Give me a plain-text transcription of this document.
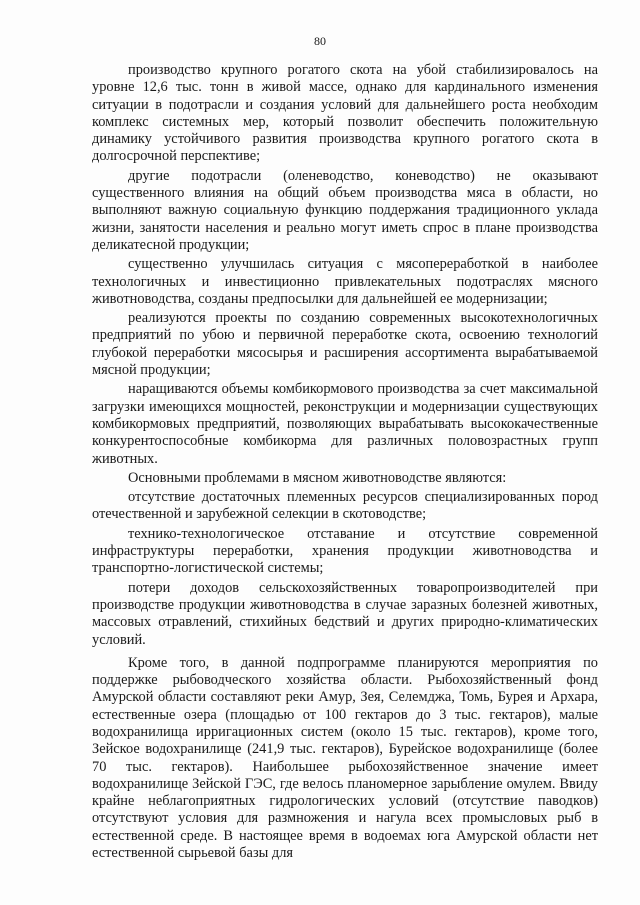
80

производство крупного рогатого скота на убой стабилизировалось на уровне 12,6 тыс. тонн в живой массе, однако для кардинального изменения ситуации в подотрасли и создания условий для дальнейшего роста необходим комплекс системных мер, который позволит обеспечить положительную динамику устойчивого развития производства крупного рогатого скота в долгосрочной перспективе;

другие подотрасли (оленеводство, коневодство) не оказывают существенного влияния на общий объем производства мяса в области, но выполняют важную социальную функцию поддержания традиционного уклада жизни, занятости населения и реально могут иметь спрос в плане производства деликатесной продукции;

существенно улучшилась ситуация с мясопереработкой в наиболее технологичных и инвестиционно привлекательных подотраслях мясного животноводства, созданы предпосылки для дальнейшей ее модернизации;

реализуются проекты по созданию современных высокотехнологичных предприятий по убою и первичной переработке скота, освоению технологий глубокой переработки мясосырья и расширения ассортимента вырабатываемой мясной продукции;

наращиваются объемы комбикормового производства за счет максимальной загрузки имеющихся мощностей, реконструкции и модернизации существующих комбикормовых предприятий, позволяющих вырабатывать высококачественные конкурентоспособные комбикорма для различных половозрастных групп животных.

Основными проблемами в мясном животноводстве являются:

отсутствие достаточных племенных ресурсов специализированных пород отечественной и зарубежной селекции в скотоводстве;

технико-технологическое отставание и отсутствие современной инфраструктуры переработки, хранения продукции животноводства и транспортно-логистической системы;

потери доходов сельскохозяйственных товаропроизводителей при производстве продукции животноводства в случае заразных болезней животных, массовых отравлений, стихийных бедствий и других природно-климатических условий.

Кроме того, в данной подпрограмме планируются мероприятия по поддержке рыбоводческого хозяйства области. Рыбохозяйственный фонд Амурской области составляют реки Амур, Зея, Селемджа, Томь, Бурея и Архара, естественные озера (площадью от 100 гектаров до 3 тыс. гектаров), малые водохранилища ирригационных систем (около 15 тыс. гектаров), кроме того, Зейское водохранилище (241,9 тыс. гектаров), Бурейское водохранилище (более 70 тыс. гектаров). Наибольшее рыбохозяйственное значение имеет водохранилище Зейской ГЭС, где велось планомерное зарыбление омулем. Ввиду крайне неблагоприятных гидрологических условий (отсутствие паводков) отсутствуют условия для размножения и нагула всех промысловых рыб в естественной среде. В настоящее время в водоемах юга Амурской области нет естественной сырьевой базы для
